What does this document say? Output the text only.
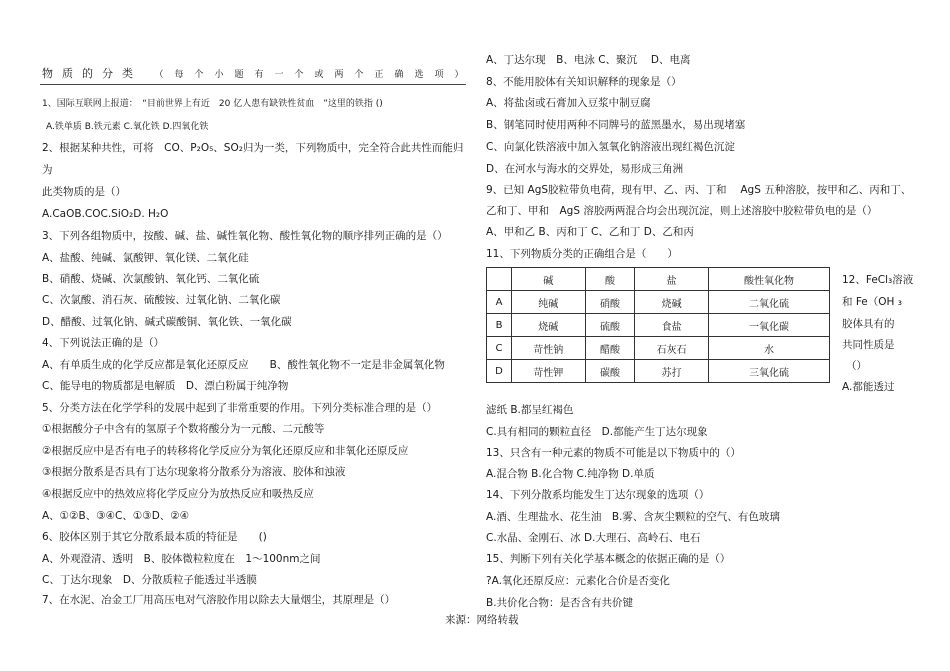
物质的分类 （每个小题有一个或两个正确选项）
1、国际互联网上报道：　“目前世界上有近　20 亿人患有缺铁性贫血　”这里的铁指 ()
A.铁单质 B.铁元素 C.氧化铁 D.四氧化铁
2、根据某种共性，可将　CO、P₂O₅、SO₂归为一类，下列物质中，完全符合此共性而能归
为
此类物质的是（）
A.CaOB.COC.SiO₂D. H₂O
3、下列各组物质中，按酸、碱、盐、碱性氧化物、酸性氧化物的顺序排列正确的是（）
A、盐酸、纯碱、氯酸钾、氧化镁、二氧化硅
B、硝酸、烧碱、次氯酸钠、氧化钙、二氧化硫
C、次氯酸、消石灰、硫酸铵、过氧化钠、二氧化碳
D、醋酸、过氧化钠、碱式碳酸铜、氧化铁、一氧化碳
4、下列说法正确的是（）
A、有单质生成的化学反应都是氧化还原反应　　B、酸性氧化物不一定是非金属氧化物
C、能导电的物质都是电解质　D、漂白粉属于纯净物
5、分类方法在化学学科的发展中起到了非常重要的作用。下列分类标准合理的是（）
①根据酸分子中含有的氢原子个数将酸分为一元酸、二元酸等
②根据反应中是否有电子的转移将化学反应分为氧化还原反应和非氧化还原反应
③根据分散系是否具有丁达尔现象将分散系分为溶液、胶体和浊液
④根据反应中的热效应将化学反应分为放热反应和吸热反应
A、①②B、③④C、①③D、②④
6、胶体区别于其它分散系最本质的特征是　　()
A、外观澄清、透明　B、胶体微粒粒度在　1～100nm之间
C、丁达尔现象　D、分散质粒子能透过半透膜
7、在水泥、冶金工厂用高压电对气溶胶作用以除去大量烟尘，其原理是（）
A、丁达尔现　B、电泳 C、聚沉　 D、电离
8、不能用胶体有关知识解释的现象是（）
A、将盐卤或石膏加入豆浆中制豆腐
B、钢笔同时使用两种不同牌号的蓝黑墨水，易出现堵塞
C、向氯化铁溶液中加入氢氧化钠溶液出现红褐色沉淀
D、在河水与海水的交界处，易形成三角洲
9、已知 AgS胶粒带负电荷，现有甲、乙、丙、丁和　 AgS 五种溶胶，按甲和乙、丙和丁、
乙和丁、甲和　AgS 溶胶两两混合均会出现沉淀，则上述溶胶中胶粒带负电的是（）
A、甲和乙 B、丙和丁 C、乙和丁 D、乙和丙
11、下列物质分类的正确组合是（　　）
	碱	酸	盐	酸性氧化物
A	纯碱	硝酸	烧碱	二氧化硫
B	烧碱	硫酸	食盐	一氧化碳
C	苛性钠	醋酸	石灰石	水
D	苛性钾	碳酸	苏打	三氧化硫
12、FeCl₃溶液
和 Fe（OH ₃
胶体具有的
共同性质是
（）
A.都能透过
滤纸 B.都呈红褐色
C.具有相同的颗粒直径　D.都能产生丁达尔现象
13、只含有一种元素的物质不可能是以下物质中的（）
A.混合物 B.化合物 C.纯净物 D.单质
14、下列分散系均能发生丁达尔现象的选项（）
A.酒、生理盐水、花生油　B.雾、含灰尘颗粒的空气、有色玻璃
C.水晶、金刚石、冰 D.大理石、高岭石、电石
15、判断下列有关化学基本概念的依据正确的是（）
?A.氧化还原反应：元素化合价是否变化
B.共价化合物：是否含有共价键
来源：网络转载
